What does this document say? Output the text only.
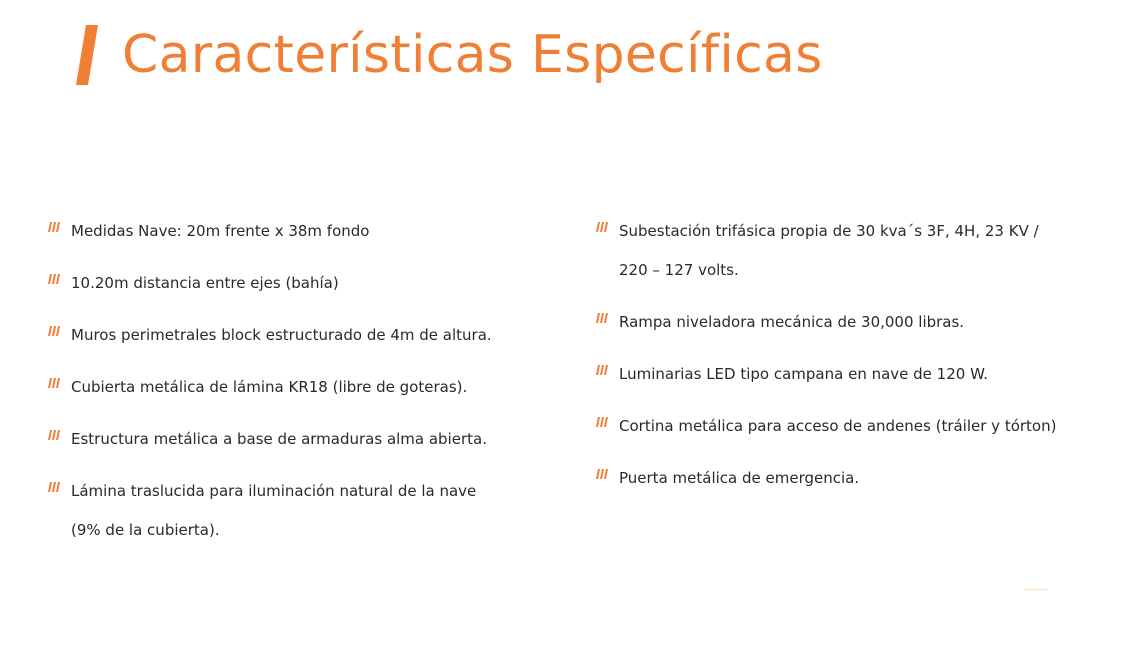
Características Específicas
Medidas Nave: 20m frente x 38m fondo
10.20m distancia entre ejes (bahía)
Muros perimetrales block estructurado de 4m de altura.
Cubierta metálica de lámina KR18 (libre de goteras).
Estructura metálica a base de armaduras alma abierta.
Lámina traslucida para iluminación natural de la nave
(9% de la cubierta).
Subestación trifásica propia de 30 kva´s 3F, 4H, 23 KV /
220 – 127 volts.
Rampa niveladora mecánica de 30,000 libras.
Luminarias LED tipo campana en nave de 120 W.
Cortina metálica para acceso de andenes (tráiler y tórton)
Puerta metálica de emergencia.
